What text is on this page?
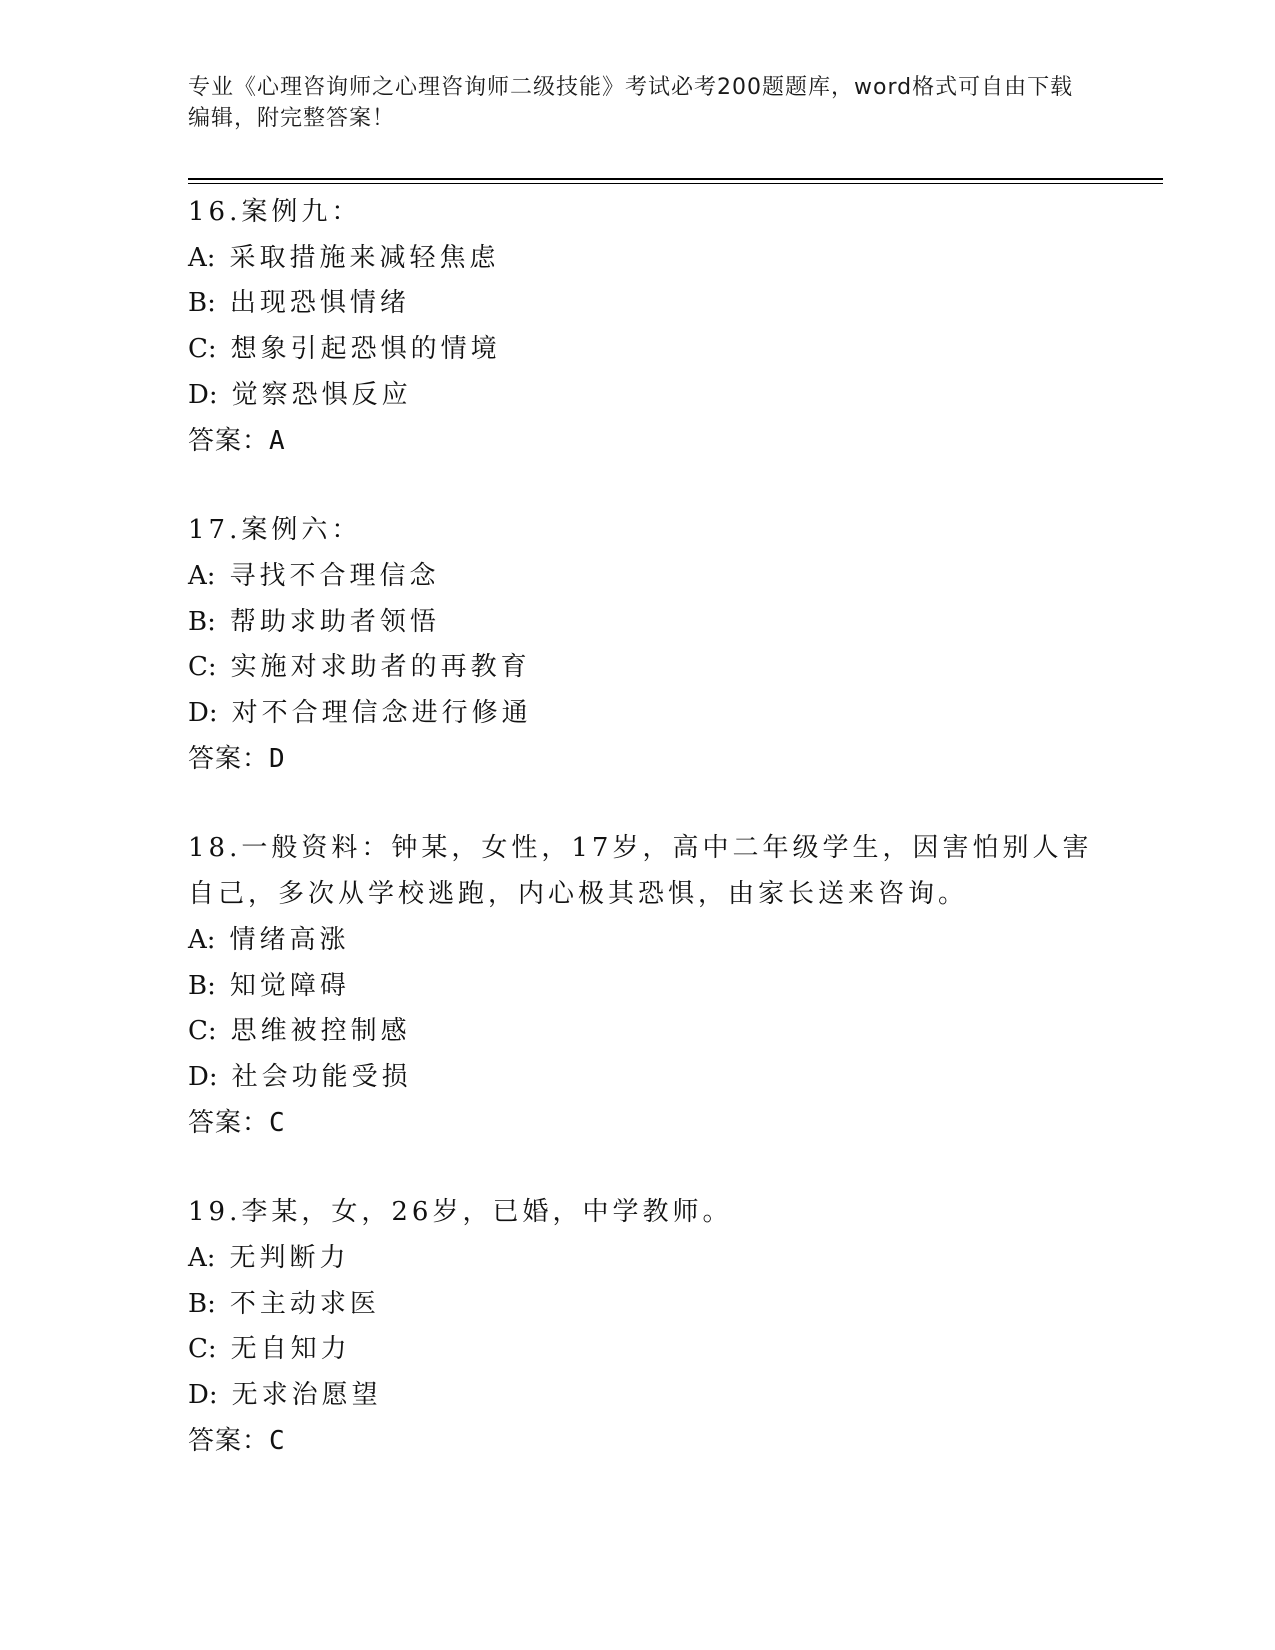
专业《心理咨询师之心理咨询师二级技能》考试必考200题题库，word格式可自由下载编辑，附完整答案！
16.案例九：
A: 采取措施来减轻焦虑
B: 出现恐惧情绪
C: 想象引起恐惧的情境
D: 觉察恐惧反应
答案：A
17.案例六：
A: 寻找不合理信念
B: 帮助求助者领悟
C: 实施对求助者的再教育
D: 对不合理信念进行修通
答案：D
18.一般资料：钟某，女性，17岁，高中二年级学生，因害怕别人害自己，多次从学校逃跑，内心极其恐惧，由家长送来咨询。
A: 情绪高涨
B: 知觉障碍
C: 思维被控制感
D: 社会功能受损
答案：C
19.李某，女，26岁，已婚，中学教师。
A: 无判断力
B: 不主动求医
C: 无自知力
D: 无求治愿望
答案：C
